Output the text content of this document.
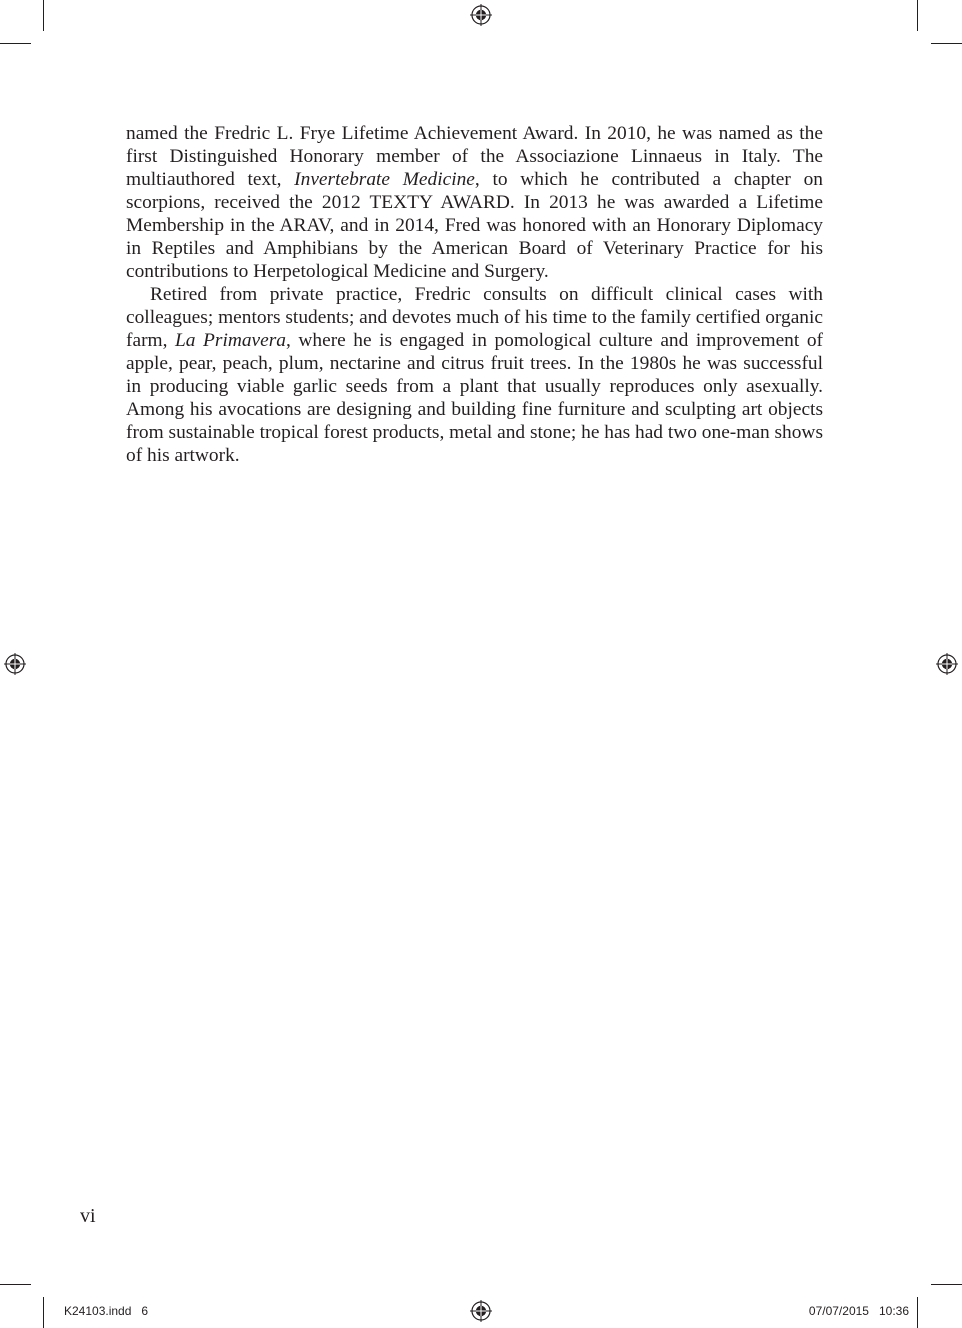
named the Fredric L. Frye Lifetime Achievement Award. In 2010, he was named as the first Distinguished Honorary member of the Associazione Linnaeus in Italy. The multiauthored text, Invertebrate Medicine, to which he contributed a chapter on scorpions, received the 2012 TEXTY AWARD. In 2013 he was awarded a Lifetime Membership in the ARAV, and in 2014, Fred was honored with an Honorary Diplomacy in Reptiles and Amphibians by the American Board of Veterinary Practice for his contributions to Herpetological Medicine and Surgery.

Retired from private practice, Fredric consults on difficult clinical cases with colleagues; mentors students; and devotes much of his time to the family certified organic farm, La Primavera, where he is engaged in pomological culture and improvement of apple, pear, peach, plum, nectarine and citrus fruit trees. In the 1980s he was successful in producing viable garlic seeds from a plant that usually reproduces only asexually. Among his avocations are designing and building fine furniture and sculpting art objects from sustainable tropical forest products, metal and stone; he has had two one-man shows of his artwork.

vi
K24103.indd   6	07/07/2015   10:36
